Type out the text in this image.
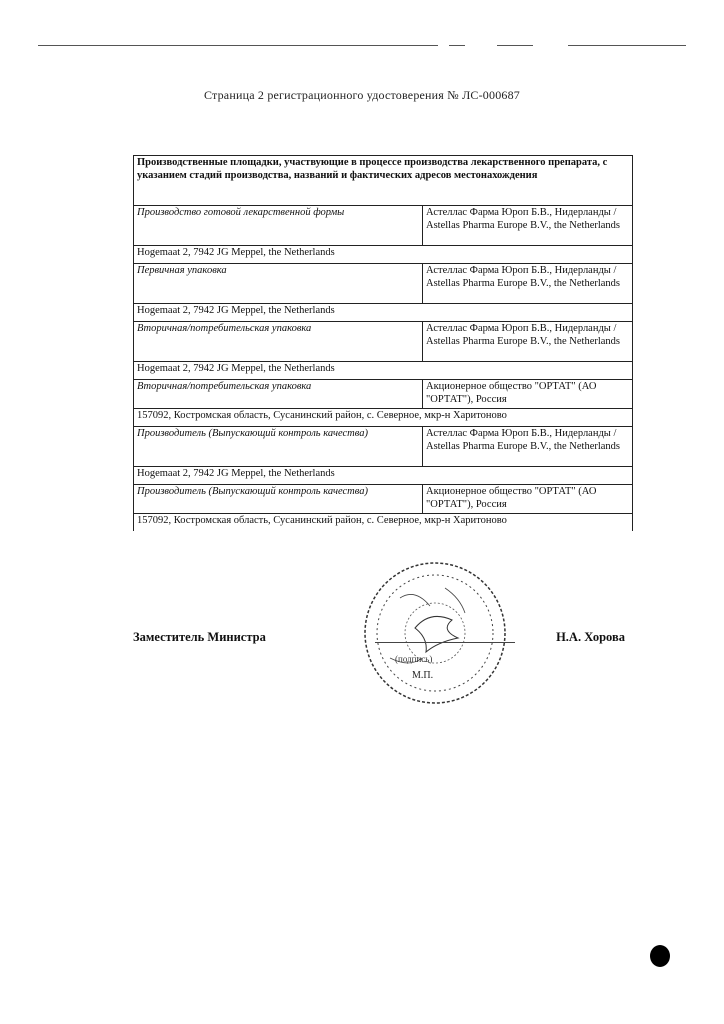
Страница 2 регистрационного удостоверения № ЛС-000687
Производственные площадки, участвующие в процессе производства лекарственного препарата, с указанием стадий производства, названий и фактических адресов местонахождения	
Производство готовой лекарственной формы	Астеллас Фарма Юроп Б.В., Нидерланды / Astellas Pharma Europe B.V., the Netherlands
Hogemaat 2, 7942 JG Meppel, the Netherlands	
Первичная упаковка	Астеллас Фарма Юроп Б.В., Нидерланды / Astellas Pharma Europe B.V., the Netherlands
Hogemaat 2, 7942 JG Meppel, the Netherlands	
Вторичная/потребительская упаковка	Астеллас Фарма Юроп Б.В., Нидерланды / Astellas Pharma Europe B.V., the Netherlands
Hogemaat 2, 7942 JG Meppel, the Netherlands	
Вторичная/потребительская упаковка	Акционерное общество "ОРТАТ" (АО "ОРТАТ"), Россия
157092, Костромская область, Сусанинский район, с. Северное, мкр-н Харитоново	
Производитель (Выпускающий контроль качества)	Астеллас Фарма Юроп Б.В., Нидерланды / Astellas Pharma Europe B.V., the Netherlands
Hogemaat 2, 7942 JG Meppel, the Netherlands	
Производитель (Выпускающий контроль качества)	Акционерное общество "ОРТАТ" (АО "ОРТАТ"), Россия
157092, Костромская область, Сусанинский район, с. Северное, мкр-н Харитоново	
(подпись)
М.П.
Заместитель Министра	Н.А. Хорова
